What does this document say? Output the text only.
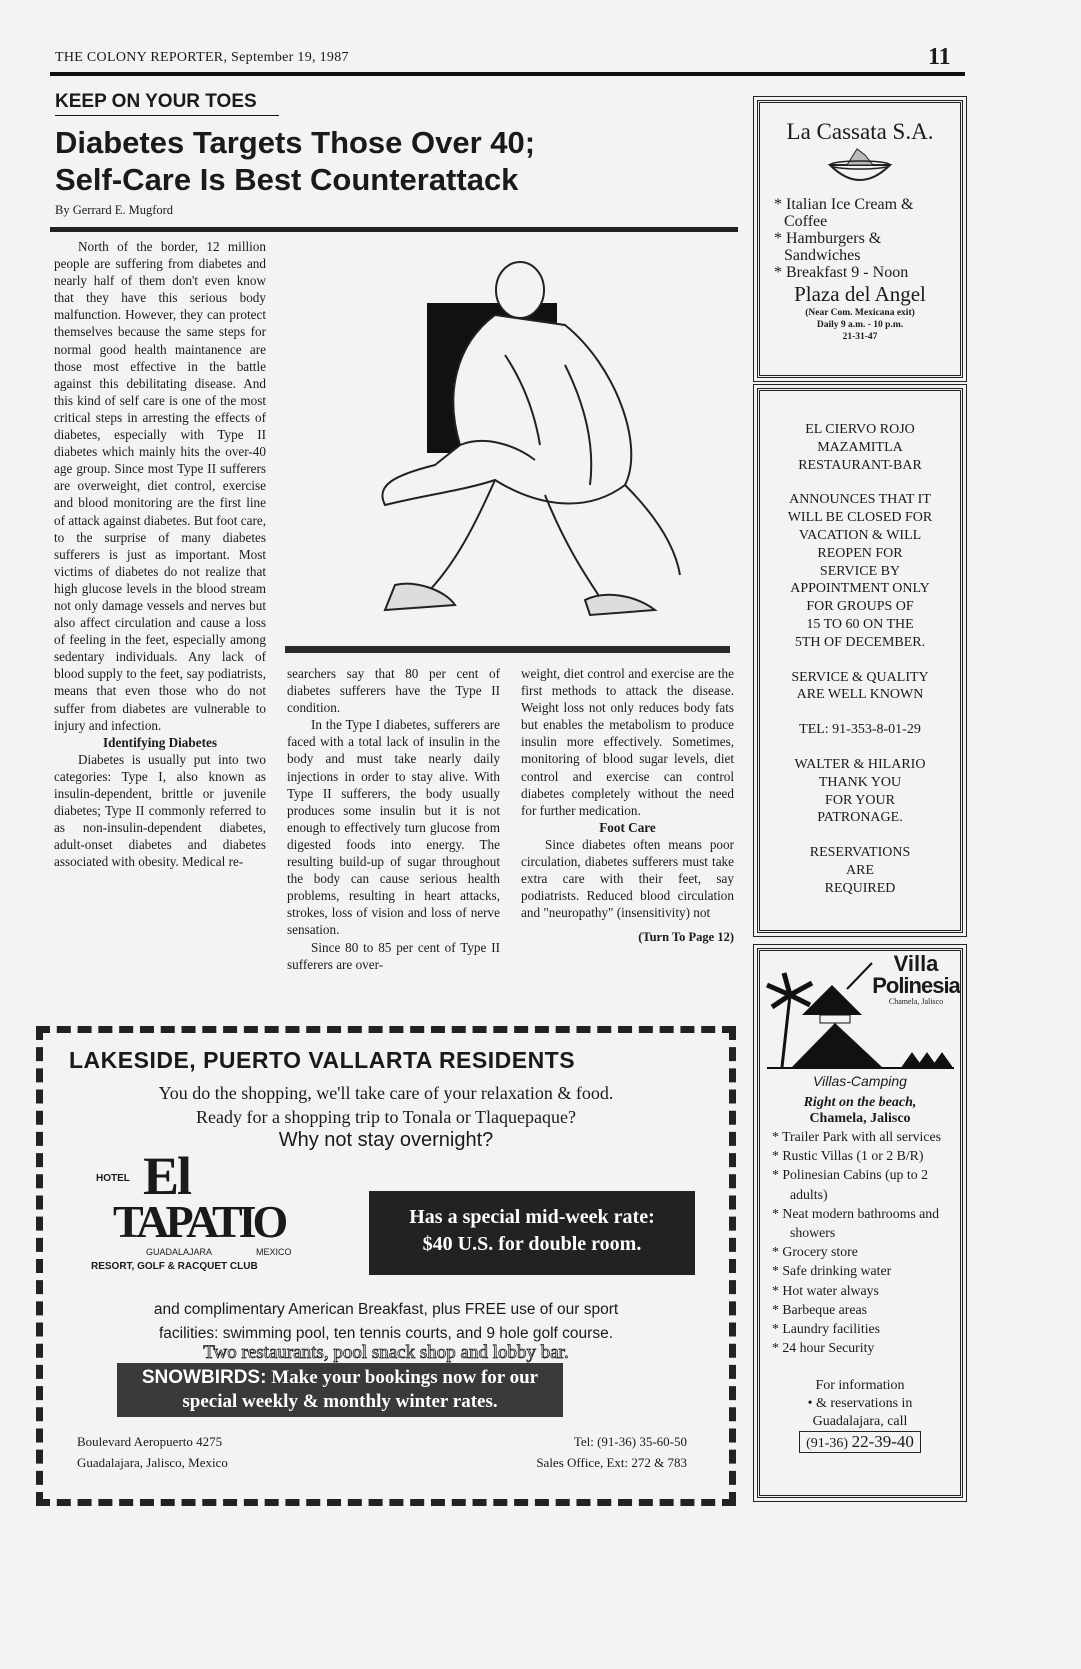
THE COLONY REPORTER, September 19, 1987	11
KEEP ON YOUR TOES
Diabetes Targets Those Over 40;
Self-Care Is Best Counterattack
By Gerrard E. Mugford

North of the border, 12 million people are suffering from diabetes and nearly half of them don't even know that they have this serious body malfunction. However, they can protect themselves because the same steps for normal good health maintanence are those most effective in the battle against this debilitating disease. And this kind of self care is one of the most critical steps in arresting the effects of diabetes, especially with Type II diabetes which mainly hits the over-40 age group. Since most Type II sufferers are overweight, diet control, exercise and blood monitoring are the first line of attack against diabetes. But foot care, to the surprise of many diabetes sufferers is just as important. Most victims of diabetes do not realize that high glucose levels in the blood stream not only damage vessels and nerves but also affect circulation and cause a loss of feeling in the feet, especially among sedentary individuals. Any lack of blood supply to the feet, say podiatrists, means that even those who do not suffer from diabetes are vulnerable to injury and infection.

Identifying Diabetes

Diabetes is usually put into two categories: Type I, also known as insulin-dependent, brittle or juvenile diabetes; Type II commonly referred to as non-insulin-dependent diabetes, adult-onset diabetes and diabetes associated with obesity. Medical re-

searchers say that 80 per cent of diabetes sufferers have the Type II condition.

In the Type I diabetes, sufferers are faced with a total lack of insulin in the body and must take nearly daily injections in order to stay alive. With Type II sufferers, the body usually produces some insulin but it is not enough to effectively turn glucose from digested foods into energy. The resulting build-up of sugar throughout the body can cause serious health problems, resulting in heart attacks, strokes, loss of vision and loss of nerve sensation.

Since 80 to 85 per cent of Type II sufferers are over-

weight, diet control and exercise are the first methods to attack the disease. Weight loss not only reduces body fats but enables the metabolism to produce insulin more effectively. Sometimes, monitoring of blood sugar levels, diet control and exercise can control diabetes completely without the need for further medication.

Foot Care

Since diabetes often means poor circulation, diabetes sufferers must take extra care with their feet, say podiatrists. Reduced blood circulation and "neuropathy" (insensitivity) not

(Turn To Page 12)

LAKESIDE, PUERTO VALLARTA RESIDENTS
You do the shopping, we'll take care of your relaxation & food.
Ready for a shopping trip to Tonala or Tlaquepaque?
Why not stay overnight?
HOTEL El
TAPATIO
GUADALAJARA	MEXICO
RESORT, GOLF & RACQUET CLUB
Has a special mid-week rate:
$40 U.S. for double room.
and complimentary American Breakfast, plus FREE use of our sport
facilities: swimming pool, ten tennis courts, and 9 hole golf course.
Two restaurants, pool snack shop and lobby bar.
SNOWBIRDS: Make your bookings now for our
special weekly & monthly winter rates.
Boulevard Aeropuerto 4275
Guadalajara, Jalisco, Mexico
Tel: (91-36) 35-60-50
Sales Office, Ext: 272 & 783
La Cassata S.A.
* Italian Ice Cream & Coffee
* Hamburgers & Sandwiches
* Breakfast 9 - Noon
Plaza del Angel
(Near Com. Mexicana exit)
Daily 9 a.m. - 10 p.m.
21-31-47
EL CIERVO ROJO
MAZAMITLA
RESTAURANT-BAR
ANNOUNCES THAT IT
WILL BE CLOSED FOR
VACATION & WILL
REOPEN FOR
SERVICE BY
APPOINTMENT ONLY
FOR GROUPS OF
15 TO 60 ON THE
5TH OF DECEMBER.
SERVICE & QUALITY
ARE WELL KNOWN
TEL: 91-353-8-01-29
WALTER & HILARIO
THANK YOU
FOR YOUR
PATRONAGE.
RESERVATIONS
ARE
REQUIRED
Villa
Polinesia
Chamela, Jalisco
Villas-Camping
Right on the beach,
Chamela, Jalisco
* Trailer Park with all services
* Rustic Villas (1 or 2 B/R)
* Polinesian Cabins (up to 2 adults)
* Neat modern bathrooms and showers
* Grocery store
* Safe drinking water
* Hot water always
* Barbeque areas
* Laundry facilities
* 24 hour Security
For information
• & reservations in
Guadalajara, call
(91-36) 22-39-40
